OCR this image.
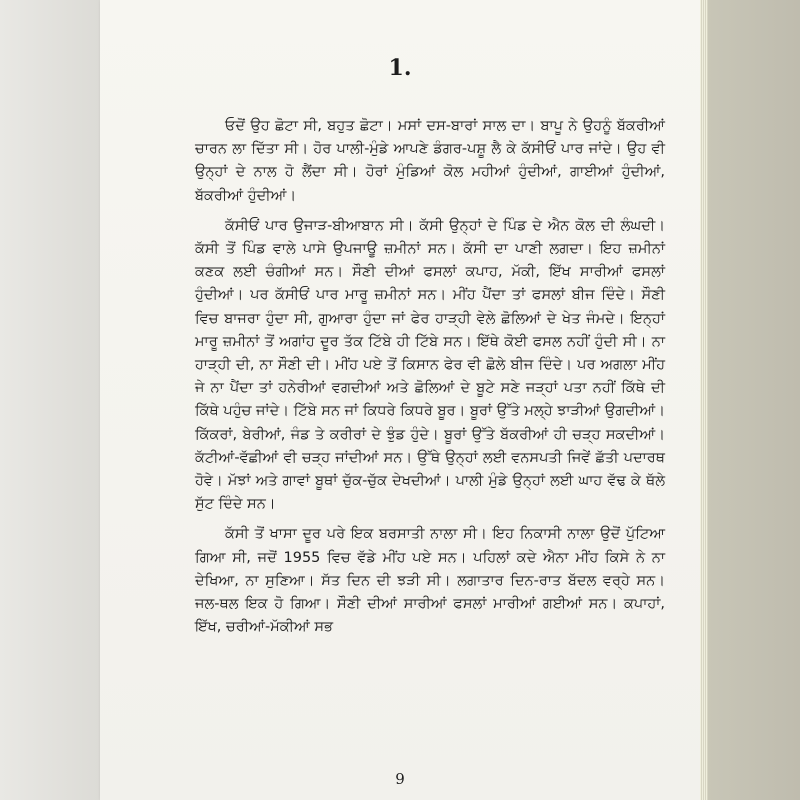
1.

ਓਦੋਂ ਉਹ ਛੋਟਾ ਸੀ, ਬਹੁਤ ਛੋਟਾ। ਮਸਾਂ ਦਸ-ਬਾਰਾਂ ਸਾਲ ਦਾ। ਬਾਪੂ ਨੇ ਉਹਨੂੰ ਬੱਕਰੀਆਂ ਚਾਰਨ ਲਾ ਦਿੱਤਾ ਸੀ। ਹੋਰ ਪਾਲੀ-ਮੁੰਡੇ ਆਪਣੇ ਡੰਗਰ-ਪਸ਼ੂ ਲੈ ਕੇ ਕੱਸੀਓਂ ਪਾਰ ਜਾਂਦੇ। ਉਹ ਵੀ ਉਨ੍ਹਾਂ ਦੇ ਨਾਲ ਹੋ ਲੈਂਦਾ ਸੀ। ਹੋਰਾਂ ਮੁੰਡਿਆਂ ਕੋਲ ਮਹੀਆਂ ਹੁੰਦੀਆਂ, ਗਾਈਆਂ ਹੁੰਦੀਆਂ, ਬੱਕਰੀਆਂ ਹੁੰਦੀਆਂ।

ਕੱਸੀਓਂ ਪਾਰ ਉਜਾੜ-ਬੀਆਬਾਨ ਸੀ। ਕੱਸੀ ਉਨ੍ਹਾਂ ਦੇ ਪਿੰਡ ਦੇ ਐਨ ਕੋਲ ਦੀ ਲੰਘਦੀ। ਕੱਸੀ ਤੋਂ ਪਿੰਡ ਵਾਲੇ ਪਾਸੇ ਉਪਜਾਊ ਜ਼ਮੀਨਾਂ ਸਨ। ਕੱਸੀ ਦਾ ਪਾਣੀ ਲਗਦਾ। ਇਹ ਜ਼ਮੀਨਾਂ ਕਣਕ ਲਈ ਚੰਗੀਆਂ ਸਨ। ਸੌਣੀ ਦੀਆਂ ਫਸਲਾਂ ਕਪਾਹ, ਮੱਕੀ, ਇੱਖ ਸਾਰੀਆਂ ਫਸਲਾਂ ਹੁੰਦੀਆਂ। ਪਰ ਕੱਸੀਓਂ ਪਾਰ ਮਾਰੂ ਜ਼ਮੀਨਾਂ ਸਨ। ਮੀਂਹ ਪੈਂਦਾ ਤਾਂ ਫਸਲਾਂ ਬੀਜ ਦਿੰਦੇ। ਸੌਣੀ ਵਿਚ ਬਾਜਰਾ ਹੁੰਦਾ ਸੀ, ਗੁਆਰਾ ਹੁੰਦਾ ਜਾਂ ਫੇਰ ਹਾੜ੍ਹੀ ਵੇਲੇ ਛੋਲਿਆਂ ਦੇ ਖੇਤ ਜੰਮਦੇ। ਇਨ੍ਹਾਂ ਮਾਰੂ ਜ਼ਮੀਨਾਂ ਤੋਂ ਅਗਾਂਹ ਦੂਰ ਤੱਕ ਟਿੱਬੇ ਹੀ ਟਿੱਬੇ ਸਨ। ਇੱਥੇ ਕੋਈ ਫਸਲ ਨਹੀਂ ਹੁੰਦੀ ਸੀ। ਨਾ ਹਾੜ੍ਹੀ ਦੀ, ਨਾ ਸੌਣੀ ਦੀ। ਮੀਂਹ ਪਏ ਤੋਂ ਕਿਸਾਨ ਫੇਰ ਵੀ ਛੋਲੇ ਬੀਜ ਦਿੰਦੇ। ਪਰ ਅਗਲਾ ਮੀਂਹ ਜੇ ਨਾ ਪੈਂਦਾ ਤਾਂ ਹਨੇਰੀਆਂ ਵਗਦੀਆਂ ਅਤੇ ਛੋਲਿਆਂ ਦੇ ਬੂਟੇ ਸਣੇ ਜੜ੍ਹਾਂ ਪਤਾ ਨਹੀਂ ਕਿੱਥੇ ਦੀ ਕਿੱਥੇ ਪਹੁੰਚ ਜਾਂਦੇ। ਟਿੱਬੇ ਸਨ ਜਾਂ ਕਿਧਰੇ ਕਿਧਰੇ ਬੂਰ। ਬੂਰਾਂ ਉੱਤੇ ਮਲ੍ਹੇ ਝਾੜੀਆਂ ਉਗਦੀਆਂ। ਕਿੱਕਰਾਂ, ਬੇਰੀਆਂ, ਜੰਡ ਤੇ ਕਰੀਰਾਂ ਦੇ ਝੁੰਡ ਹੁੰਦੇ। ਬੂਰਾਂ ਉੱਤੇ ਬੱਕਰੀਆਂ ਹੀ ਚੜ੍ਹ ਸਕਦੀਆਂ। ਕੱਟੀਆਂ-ਵੱਛੀਆਂ ਵੀ ਚੜ੍ਹ ਜਾਂਦੀਆਂ ਸਨ। ਉੱਥੇ ਉਨ੍ਹਾਂ ਲਈ ਵਨਸਪਤੀ ਜਿਵੇਂ ਛੱਤੀ ਪਦਾਰਥ ਹੋਵੇ। ਮੱਝਾਂ ਅਤੇ ਗਾਵਾਂ ਬੂਥਾਂ ਚੁੱਕ-ਚੁੱਕ ਦੇਖਦੀਆਂ। ਪਾਲੀ ਮੁੰਡੇ ਉਨ੍ਹਾਂ ਲਈ ਘਾਹ ਵੱਢ ਕੇ ਥੱਲੇ ਸੁੱਟ ਦਿੰਦੇ ਸਨ।

ਕੱਸੀ ਤੋਂ ਖਾਸਾ ਦੂਰ ਪਰੇ ਇਕ ਬਰਸਾਤੀ ਨਾਲਾ ਸੀ। ਇਹ ਨਿਕਾਸੀ ਨਾਲਾ ਉਦੋਂ ਪੁੱਟਿਆ ਗਿਆ ਸੀ, ਜਦੋਂ 1955 ਵਿਚ ਵੱਡੇ ਮੀਂਹ ਪਏ ਸਨ। ਪਹਿਲਾਂ ਕਦੇ ਐਨਾ ਮੀਂਹ ਕਿਸੇ ਨੇ ਨਾ ਦੇਖਿਆ, ਨਾ ਸੁਣਿਆ। ਸੱਤ ਦਿਨ ਦੀ ਝੜੀ ਸੀ। ਲਗਾਤਾਰ ਦਿਨ-ਰਾਤ ਬੱਦਲ ਵਰ੍ਹੇ ਸਨ। ਜਲ-ਥਲ ਇਕ ਹੋ ਗਿਆ। ਸੌਣੀ ਦੀਆਂ ਸਾਰੀਆਂ ਫਸਲਾਂ ਮਾਰੀਆਂ ਗਈਆਂ ਸਨ। ਕਪਾਹਾਂ, ਇੱਖ, ਚਰੀਆਂ-ਮੱਕੀਆਂ ਸਭ

9
